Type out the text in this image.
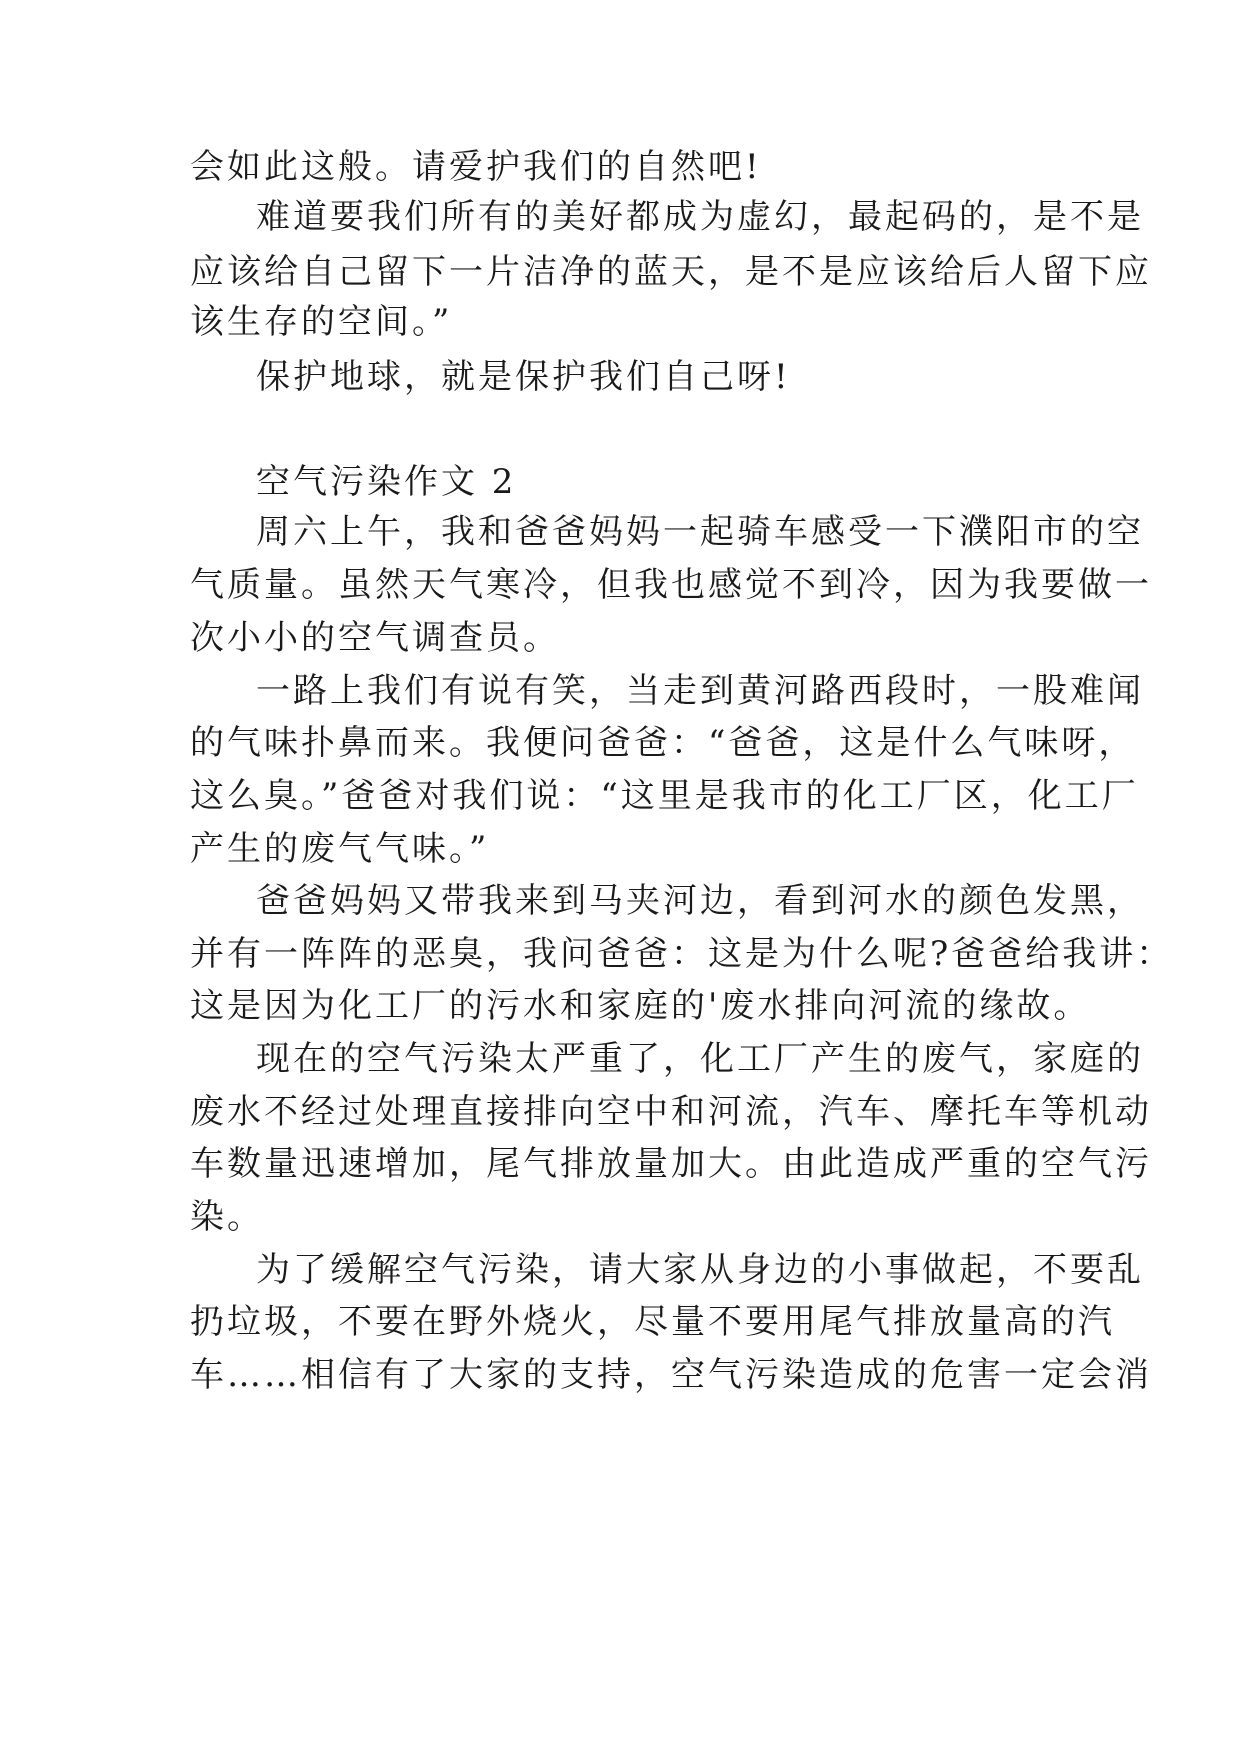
会如此这般。请爱护我们的自然吧!
难道要我们所有的美好都成为虚幻，最起码的，是不是
应该给自己留下一片洁净的蓝天，是不是应该给后人留下应
该生存的空间。”
保护地球，就是保护我们自己呀!
空气污染作文 2
周六上午，我和爸爸妈妈一起骑车感受一下濮阳市的空
气质量。虽然天气寒冷，但我也感觉不到冷，因为我要做一
次小小的空气调查员。
一路上我们有说有笑，当走到黄河路西段时，一股难闻
的气味扑鼻而来。我便问爸爸：“爸爸，这是什么气味呀，
这么臭。”爸爸对我们说：“这里是我市的化工厂区，化工厂
产生的废气气味。”
爸爸妈妈又带我来到马夹河边，看到河水的颜色发黑，
并有一阵阵的恶臭，我问爸爸：这是为什么呢?爸爸给我讲：
这是因为化工厂的污水和家庭的'废水排向河流的缘故。
现在的空气污染太严重了，化工厂产生的废气，家庭的
废水不经过处理直接排向空中和河流，汽车、摩托车等机动
车数量迅速增加，尾气排放量加大。由此造成严重的空气污
染。
为了缓解空气污染，请大家从身边的小事做起，不要乱
扔垃圾，不要在野外烧火，尽量不要用尾气排放量高的汽
车……相信有了大家的支持，空气污染造成的危害一定会消
